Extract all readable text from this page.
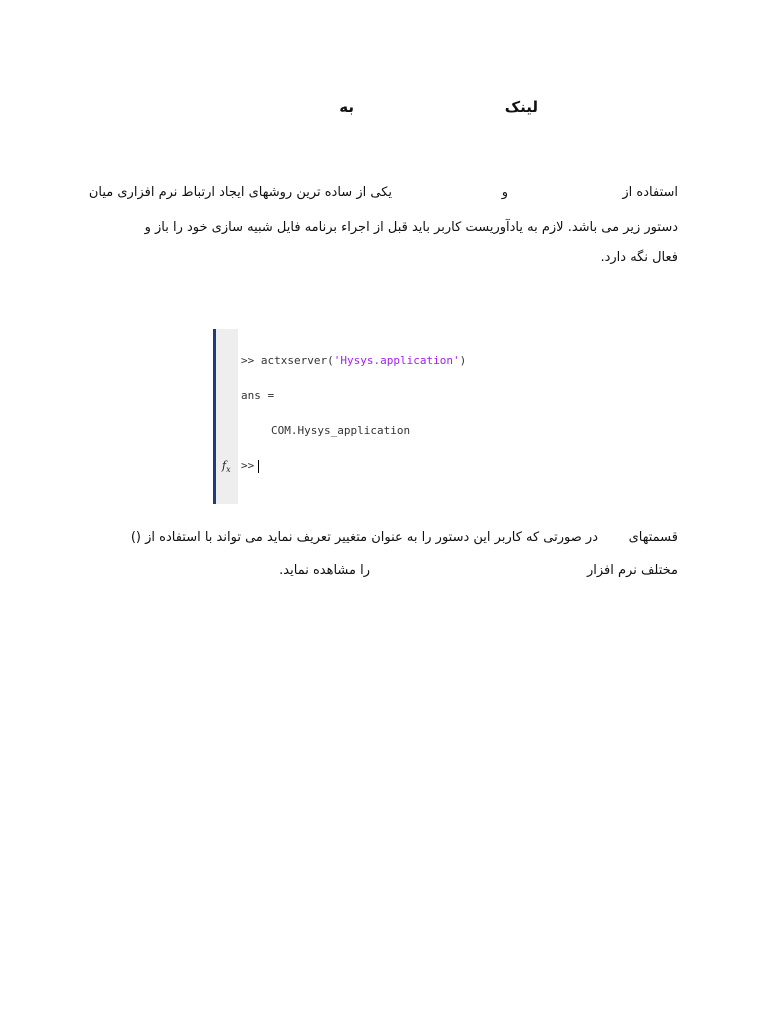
لینک
به
یکی از ساده ترین روشهای ایجاد ارتباط نرم افزاری میان	و	استفاده از
دستور زیر می باشد. لازم به یادآوریست کاربر باید قبل از اجراء برنامه فایل شبیه سازی خود را باز و
فعال نگه دارد.
>> actxserver('Hysys.application')
ans =
COM.Hysys_application
$f_x$ >>
در صورتی که کاربر این دستور را به عنوان متغییر تعریف نماید می تواند با استفاده از () قسمتهای
مختلف نرم افزار
را مشاهده نماید.
